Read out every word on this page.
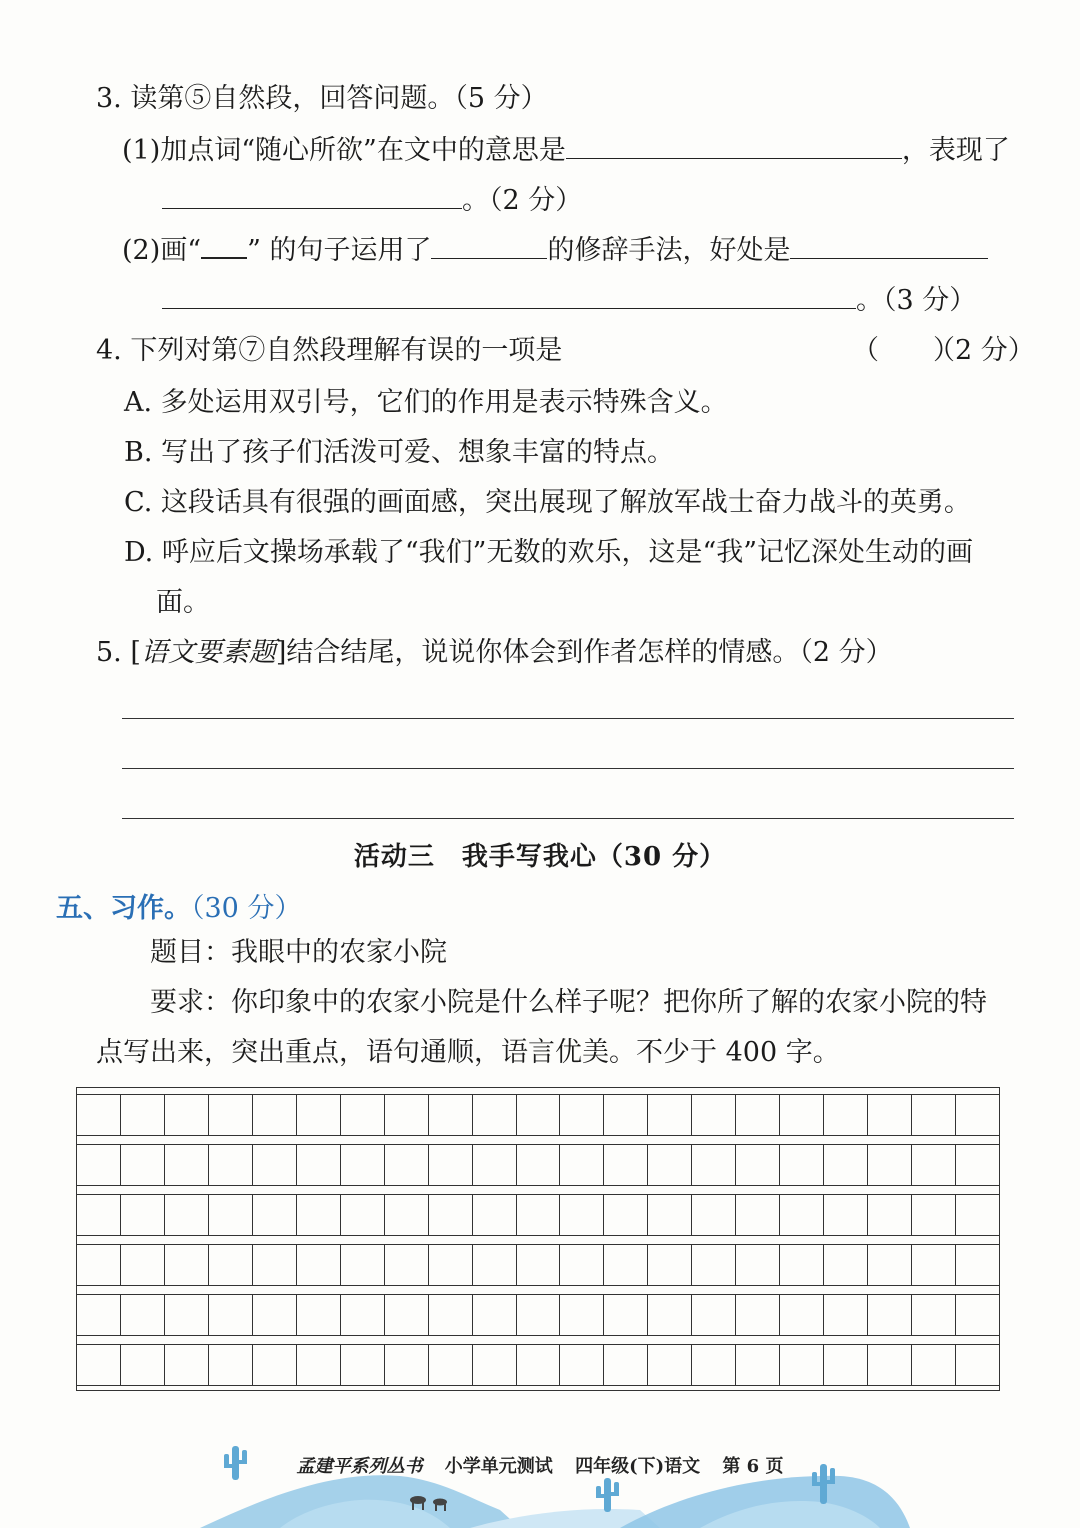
3. 读第⑤自然段，回答问题。（5 分）
(1)加点词“随心所欲”在文中的意思是	，表现了
。（2 分）
(2)画“ ” 的句子运用了	的修辞手法，好处是
。（3 分）
4. 下列对第⑦自然段理解有误的一项是	（　　）
（2 分）
A. 多处运用双引号，它们的作用是表示特殊含义。
B. 写出了孩子们活泼可爱、想象丰富的特点。
C. 这段话具有很强的画面感，突出展现了解放军战士奋力战斗的英勇。
D. 呼应后文操场承载了“我们”无数的欢乐，这是“我”记忆深处生动的画
面。
5. [语文要素题]结合结尾，说说你体会到作者怎样的情感。（2 分）
活动三　我手写我心（30 分）
五、习作。（30 分）
题目：我眼中的农家小院
要求：你印象中的农家小院是什么样子呢？把你所了解的农家小院的特
点写出来，突出重点，语句通顺，语言优美。不少于 400 字。
孟建平系列丛书 小学单元测试 四年级(下)语文 第 6 页
